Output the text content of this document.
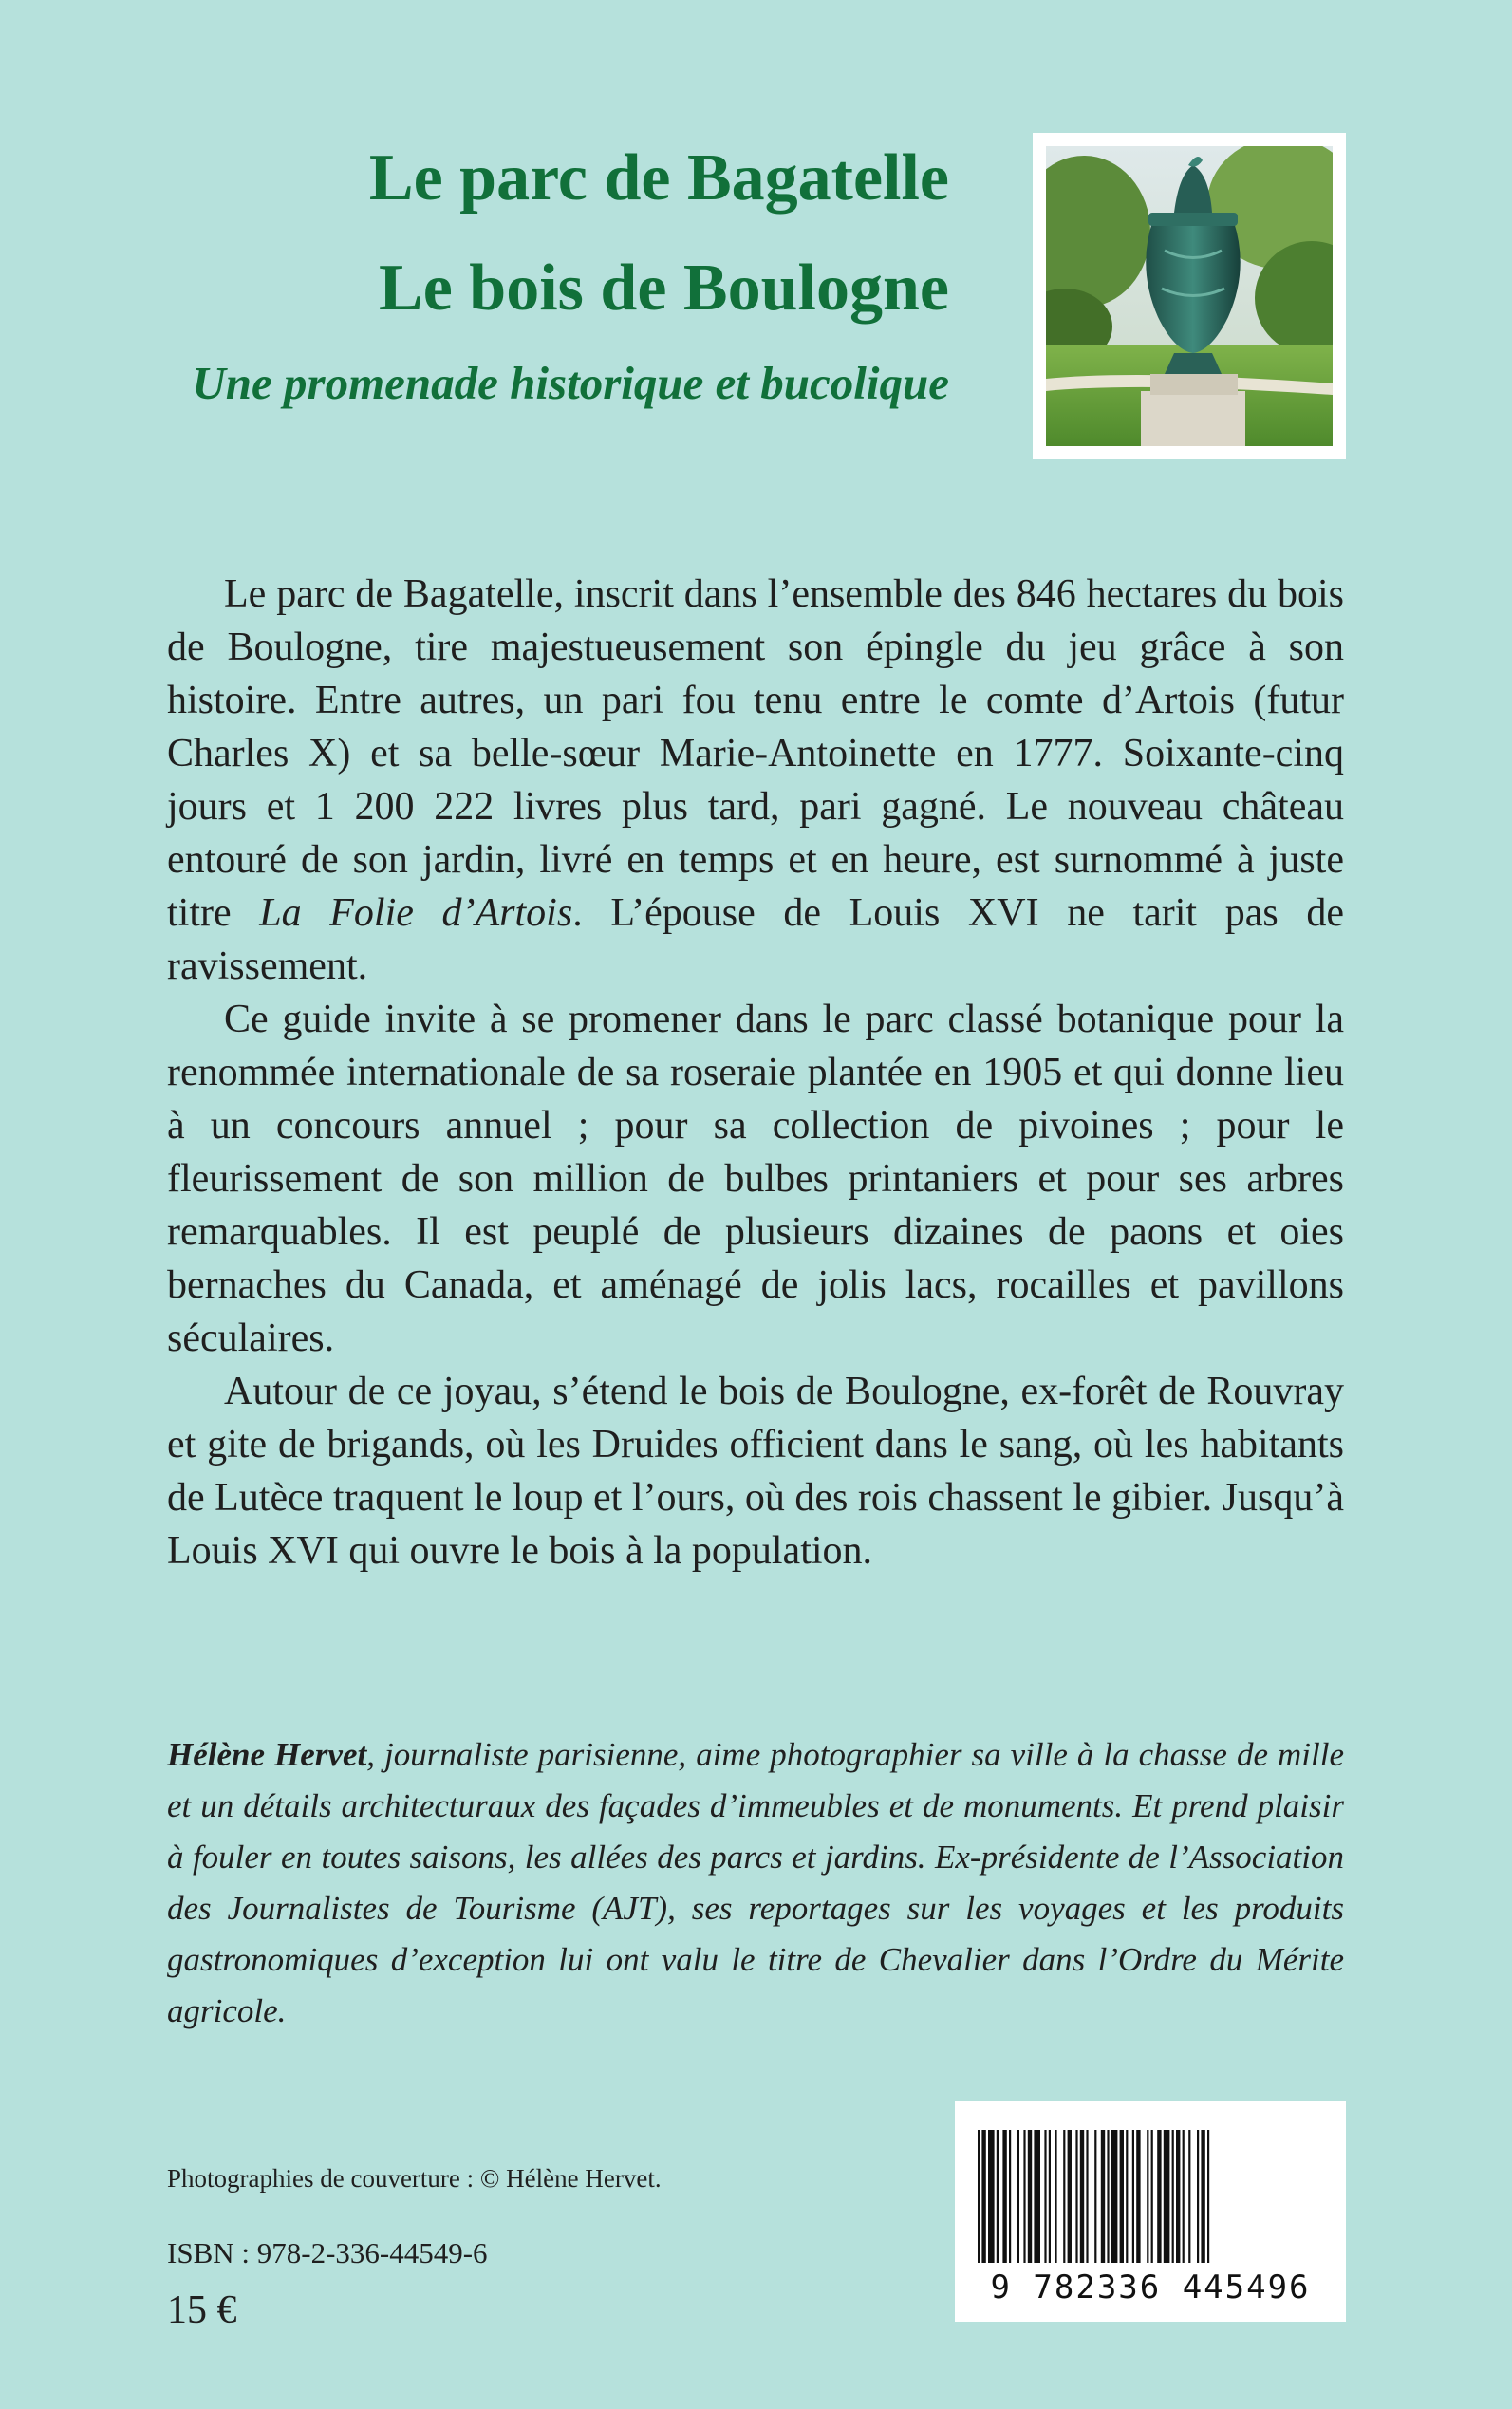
Le parc de Bagatelle
Le bois de Boulogne
Une promenade historique et bucolique

Le parc de Bagatelle, inscrit dans l’ensemble des 846 hectares du bois de Boulogne, tire majestueusement son épingle du jeu grâce à son histoire. Entre autres, un pari fou tenu entre le comte d’Artois (futur Charles X) et sa belle-sœur Marie-Antoinette en 1777. Soixante-cinq jours et 1 200 222 livres plus tard, pari gagné. Le nouveau château entouré de son jardin, livré en temps et en heure, est surnommé à juste titre La Folie d’Artois. L’épouse de Louis XVI ne tarit pas de ravissement.

Ce guide invite à se promener dans le parc classé botanique pour la renommée internationale de sa roseraie plantée en 1905 et qui donne lieu à un concours annuel ; pour sa collection de pivoines ; pour le fleurissement de son million de bulbes printaniers et pour ses arbres remarquables. Il est peuplé de plusieurs dizaines de paons et oies bernaches du Canada, et aménagé de jolis lacs, rocailles et pavillons séculaires.

Autour de ce joyau, s’étend le bois de Boulogne, ex-forêt de Rouvray et gite de brigands, où les Druides officient dans le sang, où les habitants de Lutèce traquent le loup et l’ours, où des rois chassent le gibier. Jusqu’à Louis XVI qui ouvre le bois à la population.

Hélène Hervet, journaliste parisienne, aime photographier sa ville à la chasse de mille et un détails architecturaux des façades d’immeubles et de monuments. Et prend plaisir à fouler en toutes saisons, les allées des parcs et jardins. Ex-présidente de l’Association des Journalistes de Tourisme (AJT), ses reportages sur les voyages et les produits gastronomiques d’exception lui ont valu le titre de Chevalier dans l’Ordre du Mérite agricole.
Photographies de couverture : © Hélène Hervet.
ISBN : 978-2-336-44549-6
15 €
9 782336 445496
